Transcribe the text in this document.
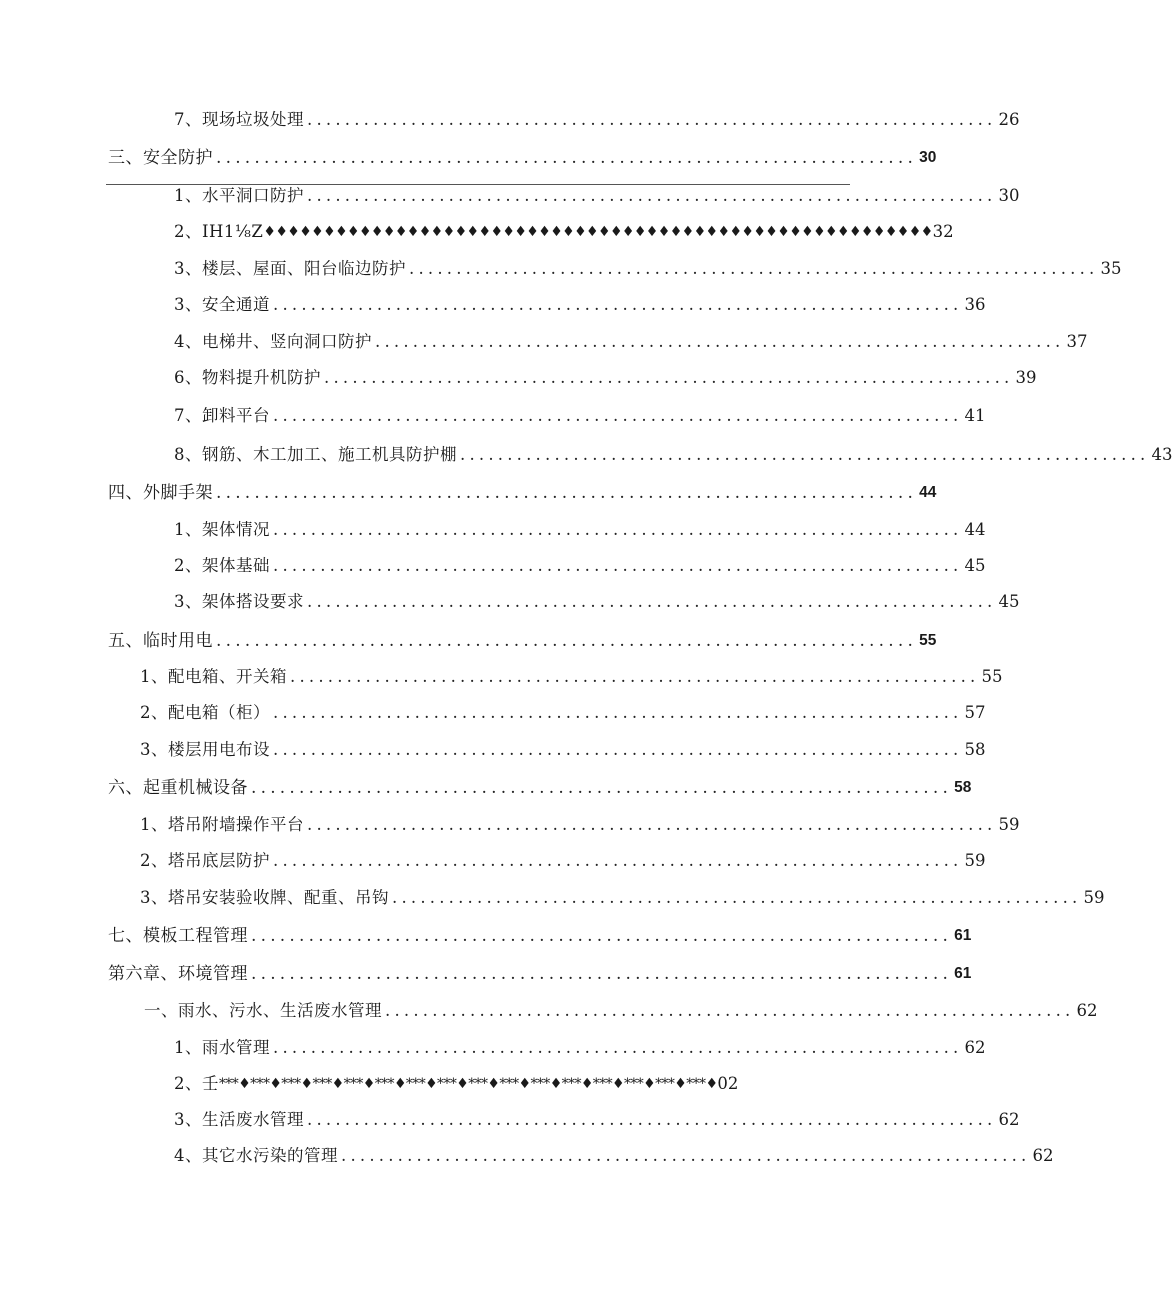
7、现场垃圾处理 ......................................................................... 26
三、安全防护 ......................................................................... 30
1、水平洞口防护 ......................................................................... 30
2、IH1⅛Z ♦♦♦♦♦♦♦♦♦♦♦♦♦♦♦♦♦♦♦♦♦♦♦♦♦♦♦♦♦♦♦♦♦♦♦♦♦♦♦♦♦♦♦♦♦♦♦♦♦♦♦♦♦♦♦♦ 32
3、楼层、屋面、阳台临边防护 ......................................................................... 35
3、安全通道 ......................................................................... 36
4、电梯井、竖向洞口防护 ......................................................................... 37
6、物料提升机防护 ......................................................................... 39
7、卸料平台 ......................................................................... 41
8、钢筋、木工加工、施工机具防护棚 ......................................................................... 43
四、外脚手架 ......................................................................... 44
1、架体情况 ......................................................................... 44
2、架体基础 ......................................................................... 45
3、架体搭设要求 ......................................................................... 45
五、临时用电 ......................................................................... 55
1、配电箱、开关箱 ......................................................................... 55
2、配电箱（柜） ......................................................................... 57
3、楼层用电布设 ......................................................................... 58
六、起重机械设备 ......................................................................... 58
1、塔吊附墙操作平台 ......................................................................... 59
2、塔吊底层防护 ......................................................................... 59
3、塔吊安装验收牌、配重、吊钩 ......................................................................... 59
七、模板工程管理 ......................................................................... 61
第六章、环境管理 ......................................................................... 61
一、雨水、污水、生活废水管理 ......................................................................... 62
1、雨水管理 ......................................................................... 62
2、壬 ***♦***♦***♦***♦***♦***♦***♦***♦***♦***♦***♦***♦***♦***♦***♦***♦ 02
3、生活废水管理 ......................................................................... 62
4、其它水污染的管理 ......................................................................... 62
